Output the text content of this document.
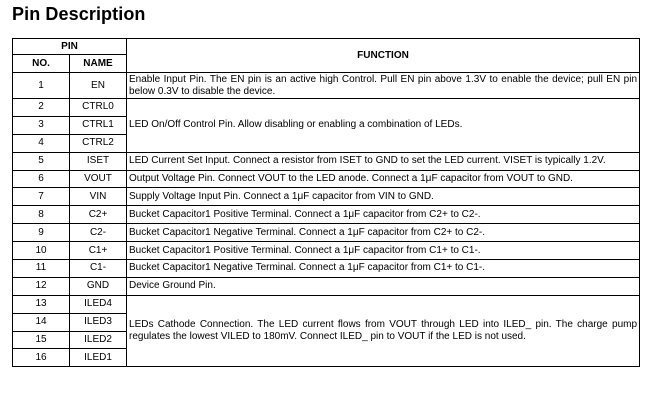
Pin Description
PIN		FUNCTION
NO.	NAME	
1	EN	Enable Input Pin. The EN pin is an active high Control. Pull EN pin above 1.3V to enable the device; pull EN pin below 0.3V to disable the device.
2	CTRL0	LED On/Off Control Pin. Allow disabling or enabling a combination of LEDs.
3	CTRL1	
4	CTRL2	
5	ISET	LED Current Set Input. Connect a resistor from ISET to GND to set the LED current. VISET is typically 1.2V.
6	VOUT	Output Voltage Pin. Connect VOUT to the LED anode. Connect a 1μF capacitor from VOUT to GND.
7	VIN	Supply Voltage Input Pin. Connect a 1μF capacitor from VIN to GND.
8	C2+	Bucket Capacitor1 Positive Terminal. Connect a 1μF capacitor from C2+ to C2-.
9	C2-	Bucket Capacitor1 Negative Terminal. Connect a 1μF capacitor from C2+ to C2-.
10	C1+	Bucket Capacitor1 Positive Terminal. Connect a 1μF capacitor from C1+ to C1-.
11	C1-	Bucket Capacitor1 Negative Terminal. Connect a 1μF capacitor from C1+ to C1-.
12	GND	Device Ground Pin.
13	ILED4	LEDs Cathode Connection. The LED current flows from VOUT through LED into ILED_ pin. The charge pump regulates the lowest VILED to 180mV. Connect ILED_ pin to VOUT if the LED is not used.
14	ILED3	
15	ILED2	
16	ILED1	
